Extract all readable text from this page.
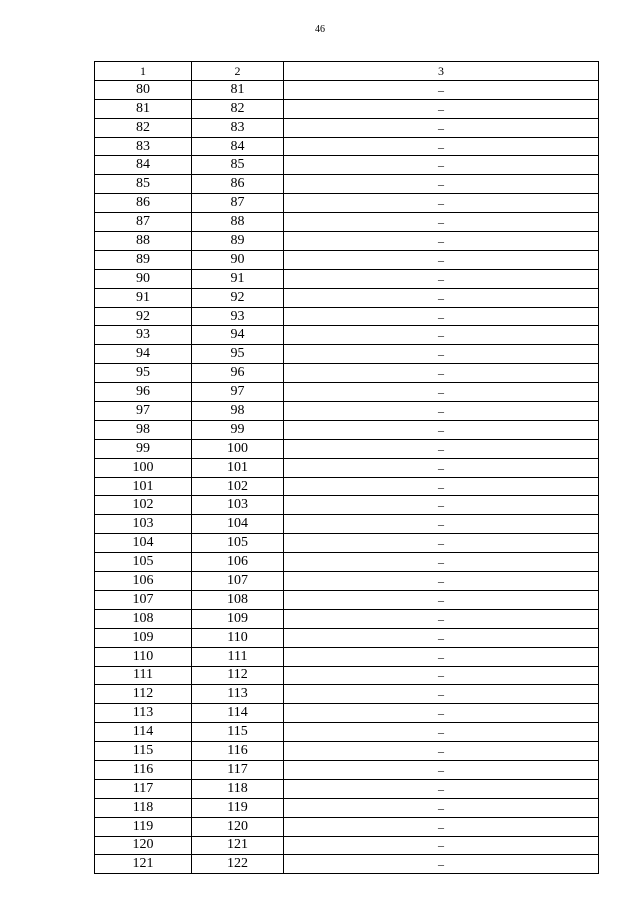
46
1	2	3
80	81	–
81	82	–
82	83	–
83	84	–
84	85	–
85	86	–
86	87	–
87	88	–
88	89	–
89	90	–
90	91	–
91	92	–
92	93	–
93	94	–
94	95	–
95	96	–
96	97	–
97	98	–
98	99	–
99	100	–
100	101	–
101	102	–
102	103	–
103	104	–
104	105	–
105	106	–
106	107	–
107	108	–
108	109	–
109	110	–
110	111	–
111	112	–
112	113	–
113	114	–
114	115	–
115	116	–
116	117	–
117	118	–
118	119	–
119	120	–
120	121	–
121	122	–
